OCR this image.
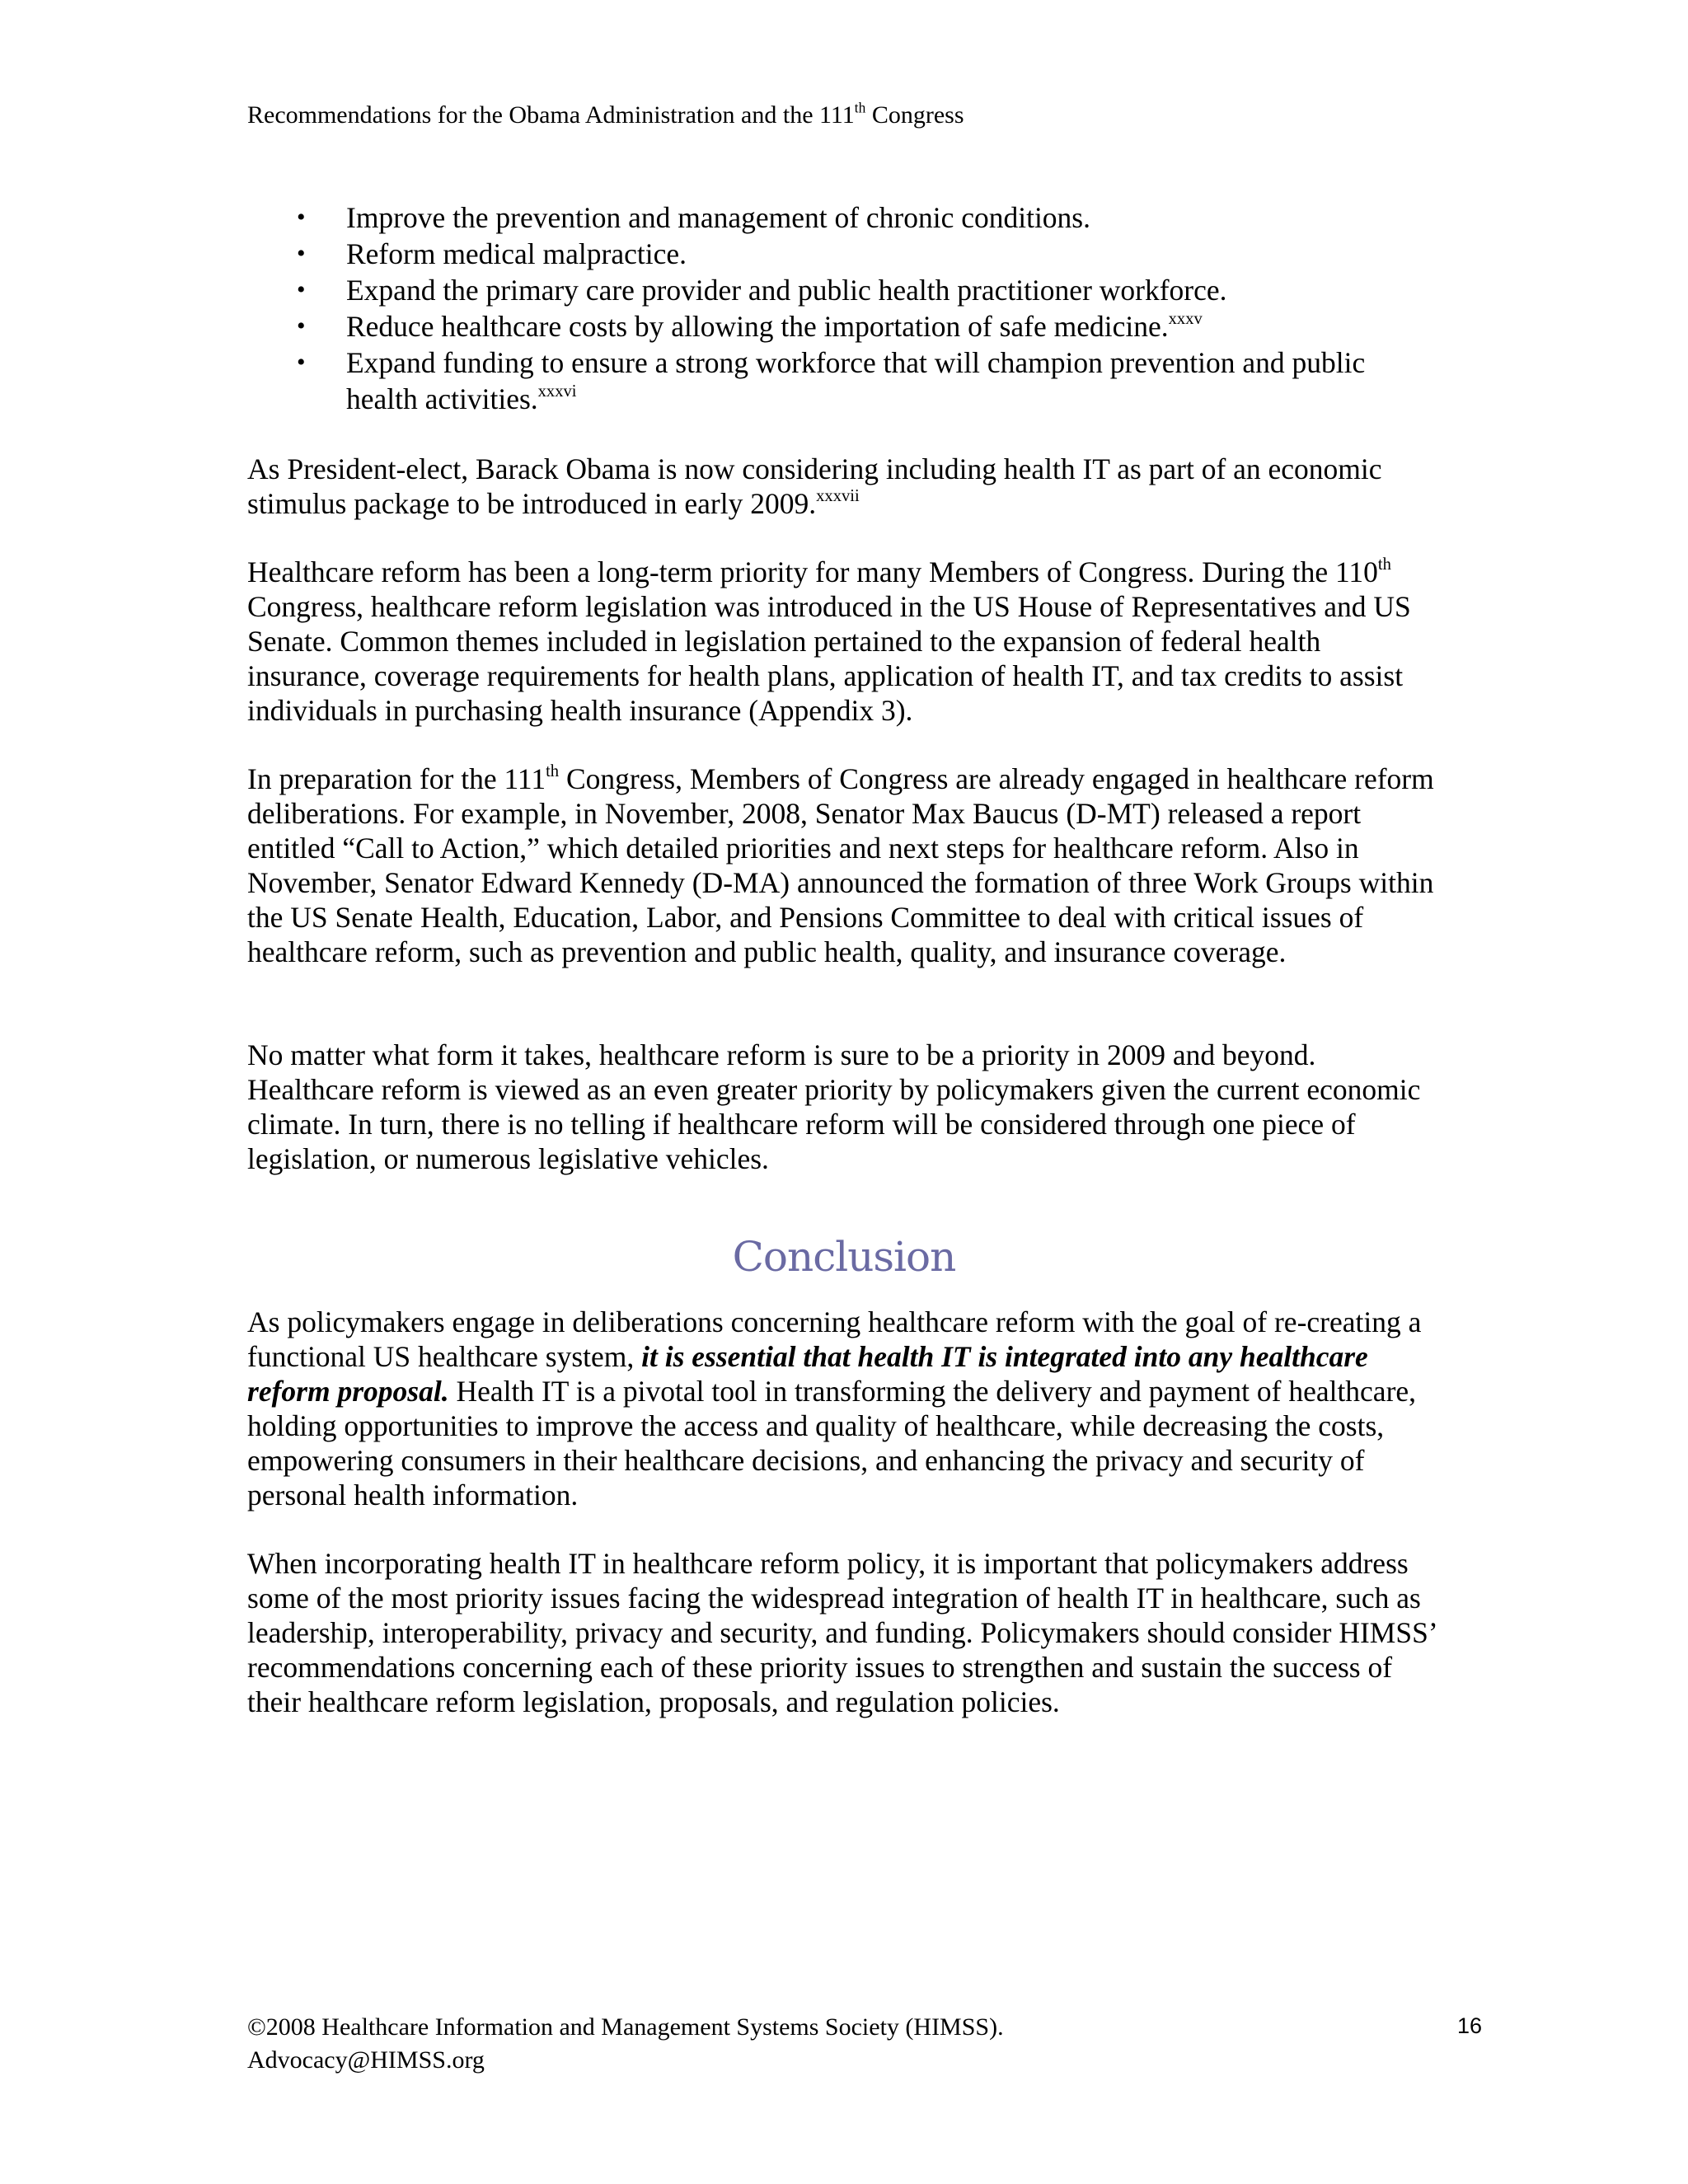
Recommendations for the Obama Administration and the 111th Congress
• Improve the prevention and management of chronic conditions.
• Reform medical malpractice.
• Expand the primary care provider and public health practitioner workforce.
• Reduce healthcare costs by allowing the importation of safe medicine.$^{xxxv}$
• Expand funding to ensure a strong workforce that will champion prevention and public health activities.$^{xxxvi}$

As President-elect, Barack Obama is now considering including health IT as part of an economic stimulus package to be introduced in early 2009.$^{xxxvii}$

Healthcare reform has been a long-term priority for many Members of Congress. During the 110th Congress, healthcare reform legislation was introduced in the US House of Representatives and US Senate. Common themes included in legislation pertained to the expansion of federal health insurance, coverage requirements for health plans, application of health IT, and tax credits to assist individuals in purchasing health insurance (Appendix 3).

In preparation for the 111th Congress, Members of Congress are already engaged in healthcare reform deliberations. For example, in November, 2008, Senator Max Baucus (D-MT) released a report entitled “Call to Action,” which detailed priorities and next steps for healthcare reform. Also in November, Senator Edward Kennedy (D-MA) announced the formation of three Work Groups within the US Senate Health, Education, Labor, and Pensions Committee to deal with critical issues of healthcare reform, such as prevention and public health, quality, and insurance coverage.

No matter what form it takes, healthcare reform is sure to be a priority in 2009 and beyond. Healthcare reform is viewed as an even greater priority by policymakers given the current economic climate. In turn, there is no telling if healthcare reform will be considered through one piece of legislation, or numerous legislative vehicles.

Conclusion

As policymakers engage in deliberations concerning healthcare reform with the goal of re-creating a functional US healthcare system, it is essential that health IT is integrated into any healthcare reform proposal. Health IT is a pivotal tool in transforming the delivery and payment of healthcare, holding opportunities to improve the access and quality of healthcare, while decreasing the costs, empowering consumers in their healthcare decisions, and enhancing the privacy and security of personal health information.

When incorporating health IT in healthcare reform policy, it is important that policymakers address some of the most priority issues facing the widespread integration of health IT in healthcare, such as leadership, interoperability, privacy and security, and funding. Policymakers should consider HIMSS’ recommendations concerning each of these priority issues to strengthen and sustain the success of their healthcare reform legislation, proposals, and regulation policies.

©2008 Healthcare Information and Management Systems Society (HIMSS).
Advocacy@HIMSS.org
16
